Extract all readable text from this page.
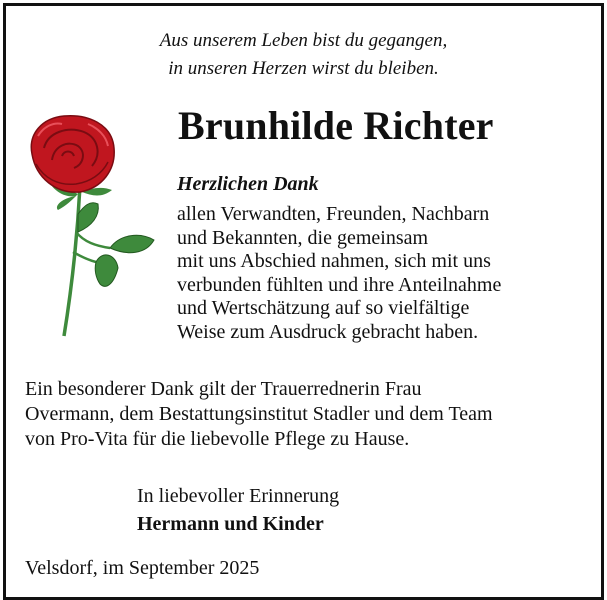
Aus unserem Leben bist du gegangen,
in unseren Herzen wirst du bleiben.
Brunhilde Richter
Herzlichen Dank
allen Verwandten, Freunden, Nachbarn
und Bekannten, die gemeinsam
mit uns Abschied nahmen, sich mit uns
verbunden fühlten und ihre Anteilnahme
und Wertschätzung auf so vielfältige
Weise zum Ausdruck gebracht haben.
Ein besonderer Dank gilt der Trauerrednerin Frau
Overmann, dem Bestattungsinstitut Stadler und dem Team
von Pro-Vita für die liebevolle Pflege zu Hause.
In liebevoller Erinnerung
Hermann und Kinder
Velsdorf, im September 2025
